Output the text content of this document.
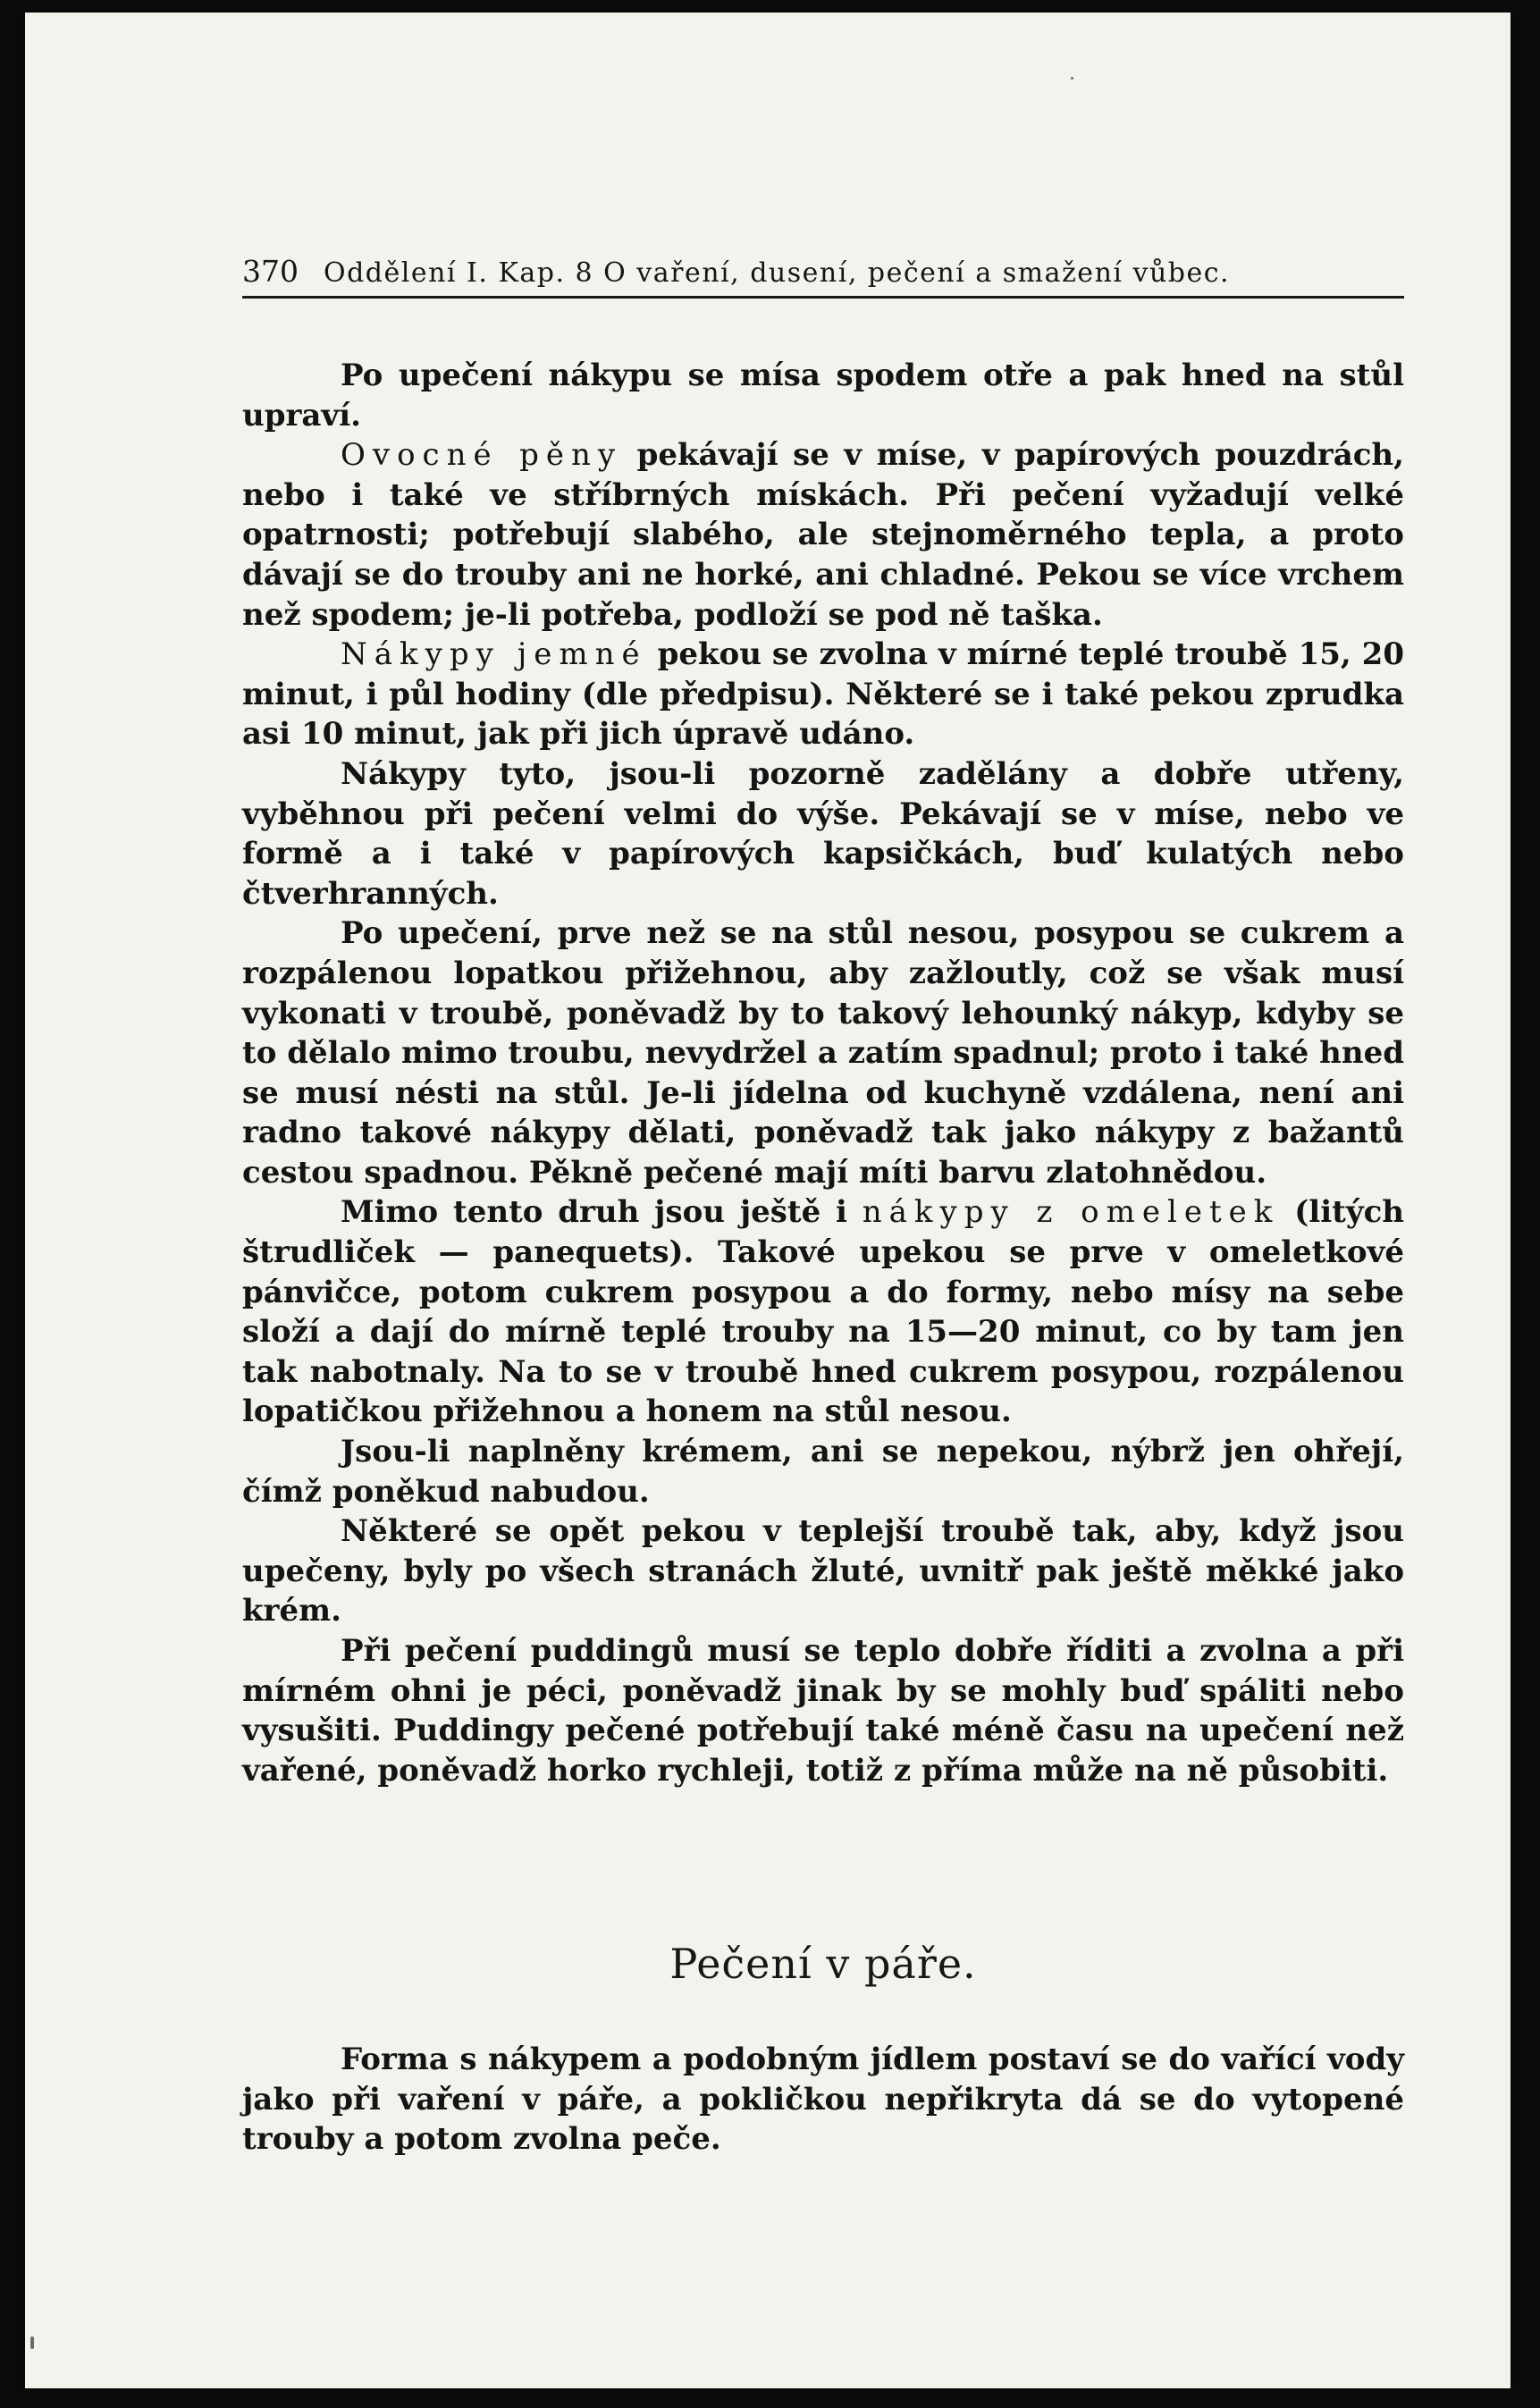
370 Oddělení I. Kap. 8 O vaření, dusení, pečení a smažení vůbec.

Po upečení nákypu se mísa spodem otře a pak hned na stůl upraví.

Ovocné pěny pekávají se v míse, v papírových pouzdrách, nebo i také ve stříbrných mískách. Při pečení vyžadují velké opatrnosti; potřebují slabého, ale stejnoměrného tepla, a proto dávají se do trouby ani ne horké, ani chladné. Pekou se více vrchem než spodem; je-li potřeba, podloží se pod ně taška.

Nákypy jemné pekou se zvolna v mírné teplé troubě 15, 20 minut, i půl hodiny (dle předpisu). Některé se i také pekou zprudka asi 10 minut, jak při jich úpravě udáno.

Nákypy tyto, jsou-li pozorně zadělány a dobře utřeny, vyběhnou při pečení velmi do výše. Pekávají se v míse, nebo ve formě a i také v papírových kapsičkách, buď kulatých nebo čtverhranných.

Po upečení, prve než se na stůl nesou, posypou se cukrem a rozpálenou lopatkou přižehnou, aby zažloutly, což se však musí vykonati v troubě, poněvadž by to takový lehounký nákyp, kdyby se to dělalo mimo troubu, nevydržel a zatím spadnul; proto i také hned se musí nésti na stůl. Je-li jídelna od kuchyně vzdálena, není ani radno takové nákypy dělati, poněvadž tak jako nákypy z bažantů cestou spadnou. Pěkně pečené mají míti barvu zlatohnědou.

Mimo tento druh jsou ještě i nákypy z omeletek (litých štrudliček — panequets). Takové upekou se prve v omeletkové pánvičce, potom cukrem posypou a do formy, nebo mísy na sebe složí a dají do mírně teplé trouby na 15—20 minut, co by tam jen tak nabotnaly. Na to se v troubě hned cukrem posypou, rozpálenou lopatičkou přižehnou a honem na stůl nesou.

Jsou-li naplněny krémem, ani se nepekou, nýbrž jen ohřejí, čímž poněkud nabudou.

Některé se opět pekou v teplejší troubě tak, aby, když jsou upečeny, byly po všech stranách žluté, uvnitř pak ještě měkké jako krém.

Při pečení puddingů musí se teplo dobře říditi a zvolna a při mírném ohni je péci, poněvadž jinak by se mohly buď spáliti nebo vysušiti. Puddingy pečené potřebují také méně času na upečení než vařené, poněvadž horko rychleji, totiž z příma může na ně působiti.

Pečení v páře.

Forma s nákypem a podobným jídlem postaví se do vařící vody jako při vaření v páře, a pokličkou nepřikryta dá se do vytopené trouby a potom zvolna peče.
